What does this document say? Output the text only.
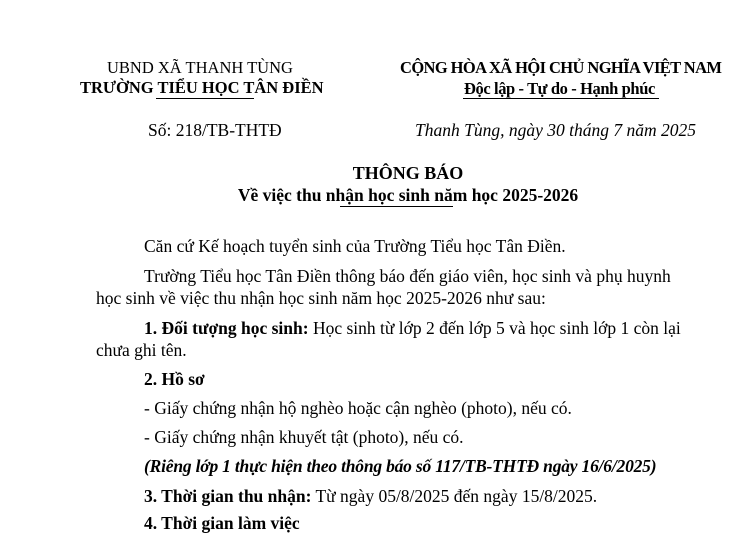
UBND XÃ THANH TÙNG
TRƯỜNG TIỂU HỌC TÂN ĐIỀN
CỘNG HÒA XÃ HỘI CHỦ NGHĨA VIỆT NAM
Độc lập - Tự do - Hạnh phúc
Số: 218/TB-THTĐ	Thanh Tùng, ngày 30 tháng 7 năm 2025
THÔNG BÁO
Về việc thu nhận học sinh năm học 2025-2026
Căn cứ Kế hoạch tuyển sinh của Trường Tiểu học Tân Điền.
Trường Tiểu học Tân Điền thông báo đến giáo viên, học sinh và phụ huynh
học sinh về việc thu nhận học sinh năm học 2025-2026 như sau:
1. Đối tượng học sinh: Học sinh từ lớp 2 đến lớp 5 và học sinh lớp 1 còn lại
chưa ghi tên.
2. Hồ sơ
- Giấy chứng nhận hộ nghèo hoặc cận nghèo (photo), nếu có.
- Giấy chứng nhận khuyết tật (photo), nếu có.
(Riêng lớp 1 thực hiện theo thông báo số 117/TB-THTĐ ngày 16/6/2025)
3. Thời gian thu nhận: Từ ngày 05/8/2025 đến ngày 15/8/2025.
4. Thời gian làm việc
